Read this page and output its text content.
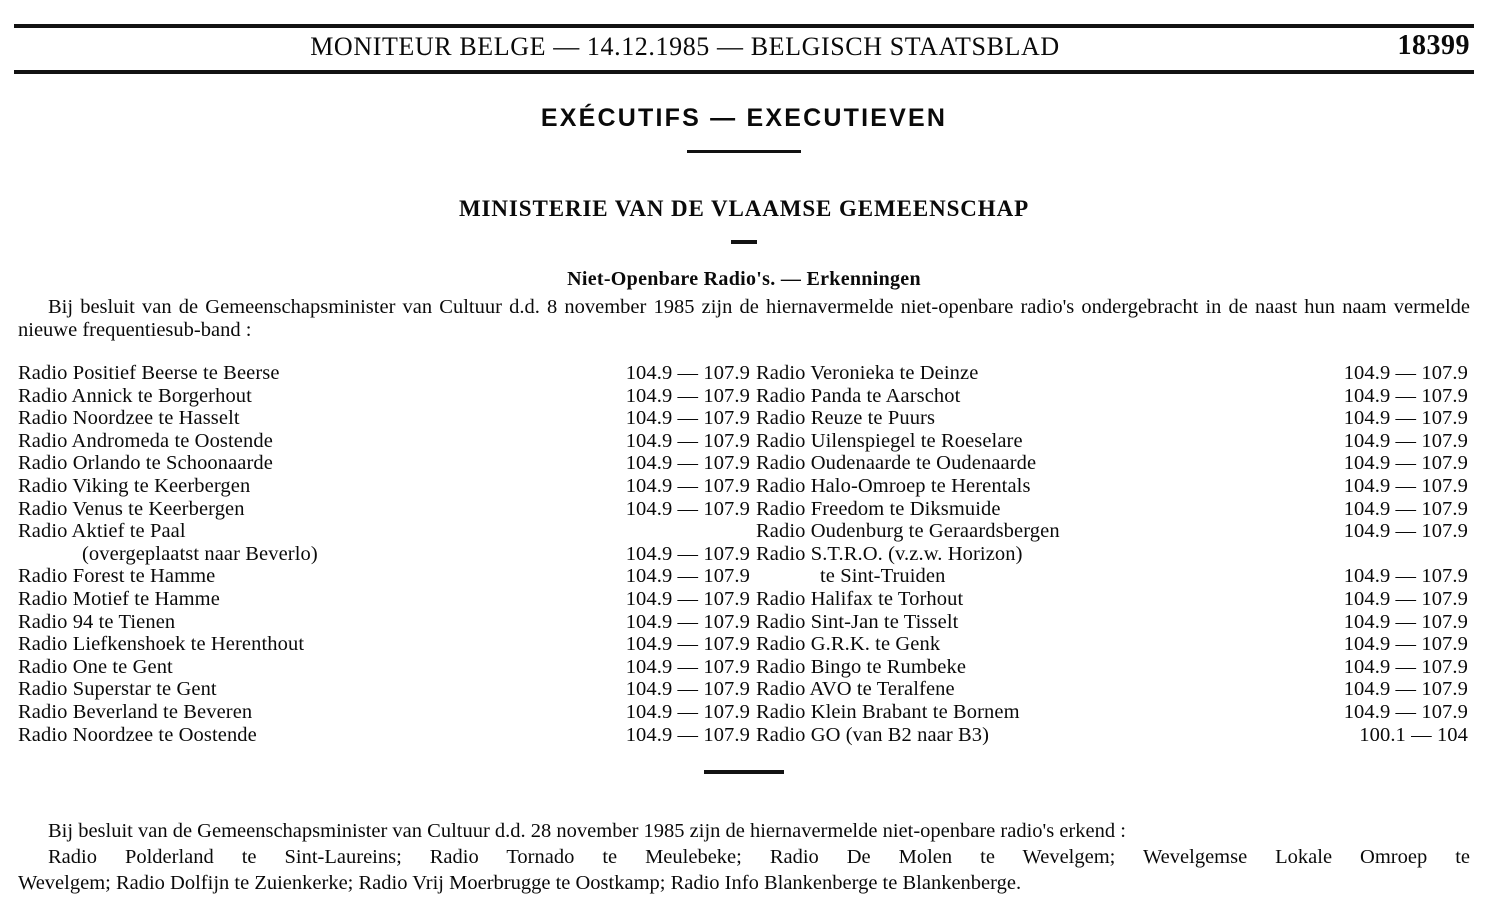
MONITEUR BELGE — 14.12.1985 — BELGISCH STAATSBLAD	18399
EXÉCUTIFS — EXECUTIEVEN
MINISTERIE VAN DE VLAAMSE GEMEENSCHAP
Niet-Openbare Radio's. — Erkenningen
Bij besluit van de Gemeenschapsminister van Cultuur d.d. 8 november 1985 zijn de hiernavermelde niet-openbare radio's ondergebracht in de naast hun naam vermelde nieuwe frequentiesub-band :
Radio Positief Beerse te Beerse	104.9 — 107.9
Radio Annick te Borgerhout	104.9 — 107.9
Radio Noordzee te Hasselt	104.9 — 107.9
Radio Andromeda te Oostende	104.9 — 107.9
Radio Orlando te Schoonaarde	104.9 — 107.9
Radio Viking te Keerbergen	104.9 — 107.9
Radio Venus te Keerbergen	104.9 — 107.9
Radio Aktief te Paal
(overgeplaatst naar Beverlo)	104.9 — 107.9
Radio Forest te Hamme	104.9 — 107.9
Radio Motief te Hamme	104.9 — 107.9
Radio 94 te Tienen	104.9 — 107.9
Radio Liefkenshoek te Herenthout	104.9 — 107.9
Radio One te Gent	104.9 — 107.9
Radio Superstar te Gent	104.9 — 107.9
Radio Beverland te Beveren	104.9 — 107.9
Radio Noordzee te Oostende	104.9 — 107.9
Radio Veronieka te Deinze	104.9 — 107.9
Radio Panda te Aarschot	104.9 — 107.9
Radio Reuze te Puurs	104.9 — 107.9
Radio Uilenspiegel te Roeselare	104.9 — 107.9
Radio Oudenaarde te Oudenaarde	104.9 — 107.9
Radio Halo-Omroep te Herentals	104.9 — 107.9
Radio Freedom te Diksmuide	104.9 — 107.9
Radio Oudenburg te Geraardsbergen	104.9 — 107.9
Radio S.T.R.O. (v.z.w. Horizon)
te Sint-Truiden	104.9 — 107.9
Radio Halifax te Torhout	104.9 — 107.9
Radio Sint-Jan te Tisselt	104.9 — 107.9
Radio G.R.K. te Genk	104.9 — 107.9
Radio Bingo te Rumbeke	104.9 — 107.9
Radio AVO te Teralfene	104.9 — 107.9
Radio Klein Brabant te Bornem	104.9 — 107.9
Radio GO (van B2 naar B3)	100.1 — 104

Bij besluit van de Gemeenschapsminister van Cultuur d.d. 28 november 1985 zijn de hiernavermelde niet-openbare radio's erkend :

Radio Polderland te Sint-Laureins; Radio Tornado te Meulebeke; Radio De Molen te Wevelgem; Wevelgemse Lokale Omroep te

Wevelgem; Radio Dolfijn te Zuienkerke; Radio Vrij Moerbrugge te Oostkamp; Radio Info Blankenberge te Blankenberge.
